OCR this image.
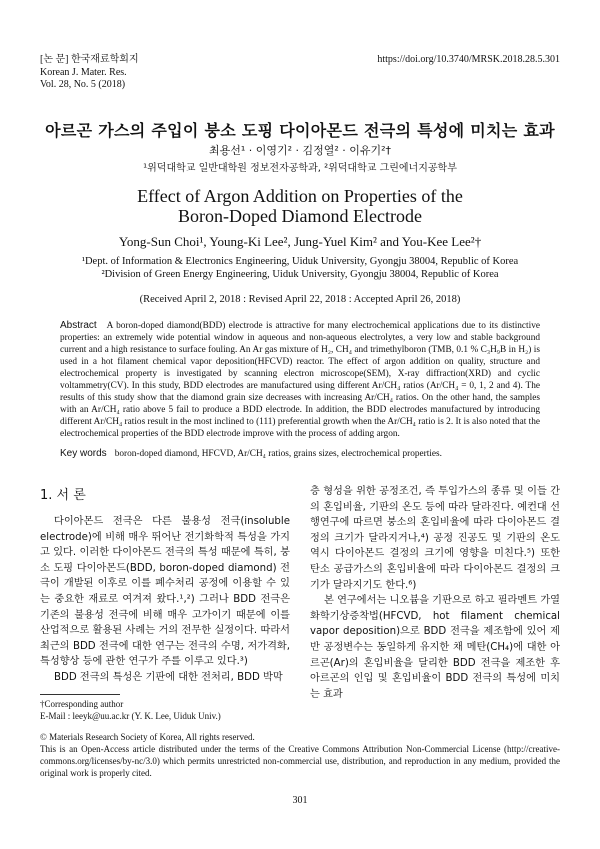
[논 문] 한국재료학회지
Korean J. Mater. Res.
Vol. 28, No. 5 (2018)
https://doi.org/10.3740/MRSK.2018.28.5.301
아르곤 가스의 주입이 붕소 도핑 다이아몬드 전극의 특성에 미치는 효과
최용선¹ · 이영기² · 김정열² · 이유기²†
¹위덕대학교 일반대학원 정보전자공학과, ²위덕대학교 그린에너지공학부
Effect of Argon Addition on Properties of the
Boron-Doped Diamond Electrode
Yong-Sun Choi¹, Young-Ki Lee², Jung-Yuel Kim² and You-Kee Lee²†
¹Dept. of Information & Electronics Engineering, Uiduk University, Gyongju 38004, Republic of Korea
²Division of Green Energy Engineering, Uiduk University, Gyongju 38004, Republic of Korea
(Received April 2, 2018 : Revised April 22, 2018 : Accepted April 26, 2018)
Abstract A boron-doped diamond(BDD) electrode is attractive for many electrochemical applications due to its distinctive properties: an extremely wide potential window in aqueous and non-aqueous electrolytes, a very low and stable background current and a high resistance to surface fouling. An Ar gas mixture of H₂, CH₄ and trimethylboron (TMB, 0.1 % C₃H₉B in H₂) is used in a hot filament chemical vapor deposition(HFCVD) reactor. The effect of argon addition on quality, structure and electrochemical property is investigated by scanning electron microscope(SEM), X-ray diffraction(XRD) and cyclic voltammetry(CV). In this study, BDD electrodes are manufactured using different Ar/CH₄ ratios (Ar/CH₄ = 0, 1, 2 and 4). The results of this study show that the diamond grain size decreases with increasing Ar/CH₄ ratios. On the other hand, the samples with an Ar/CH₄ ratio above 5 fail to produce a BDD electrode. In addition, the BDD electrodes manufactured by introducing different Ar/CH₄ ratios result in the most inclined to (111) preferential growth when the Ar/CH₄ ratio is 2. It is also noted that the electrochemical properties of the BDD electrode improve with the process of adding argon.
Key words boron-doped diamond, HFCVD, Ar/CH₄ ratios, grains sizes, electrochemical properties.
1. 서 론

다이아몬드 전극은 다른 불용성 전극(insoluble electrode)에 비해 매우 뛰어난 전기화학적 특성을 가지고 있다. 이러한 다이아몬드 전극의 특성 때문에 특히, 붕소 도핑 다이아몬드(BDD, boron-doped diamond) 전극이 개발된 이후로 이를 폐수처리 공정에 이용할 수 있는 중요한 재료로 여겨져 왔다.¹,²) 그러나 BDD 전극은 기존의 불용성 전극에 비해 매우 고가이기 때문에 이를 산업적으로 활용된 사례는 거의 전무한 실정이다. 따라서 최근의 BDD 전극에 대한 연구는 전극의 수명, 저가격화, 특성향상 등에 관한 연구가 주를 이루고 있다.³)

BDD 전극의 특성은 기판에 대한 전처리, BDD 박막

층 형성을 위한 공정조건, 즉 투입가스의 종류 및 이들 간의 혼입비율, 기판의 온도 등에 따라 달라진다. 예컨대 선행연구에 따르면 붕소의 혼입비율에 따라 다이아몬드 결정의 크기가 달라지거나,⁴) 공정 진공도 및 기판의 온도 역시 다이아몬드 결정의 크기에 영향을 미친다.⁵) 또한 탄소 공급가스의 혼입비율에 따라 다이아몬드 결정의 크기가 달라지기도 한다.⁶)

본 연구에서는 니오븀을 기판으로 하고 필라멘트 가열 화학기상증착법(HFCVD, hot filament chemical vapor deposition)으로 BDD 전극을 제조함에 있어 제반 공정변수는 동일하게 유지한 채 메탄(CH₄)에 대한 아르곤(Ar)의 혼입비율을 달리한 BDD 전극을 제조한 후 아르곤의 인입 및 혼입비율이 BDD 전극의 특성에 미치는 효과

†Corresponding author
E-Mail : leeyk@uu.ac.kr (Y. K. Lee, Uiduk Univ.)
© Materials Research Society of Korea, All rights reserved.
This is an Open-Access article distributed under the terms of the Creative Commons Attribution Non-Commercial License (http://creative-commons.org/licenses/by-nc/3.0) which permits unrestricted non-commercial use, distribution, and reproduction in any medium, provided the original work is properly cited.
301
